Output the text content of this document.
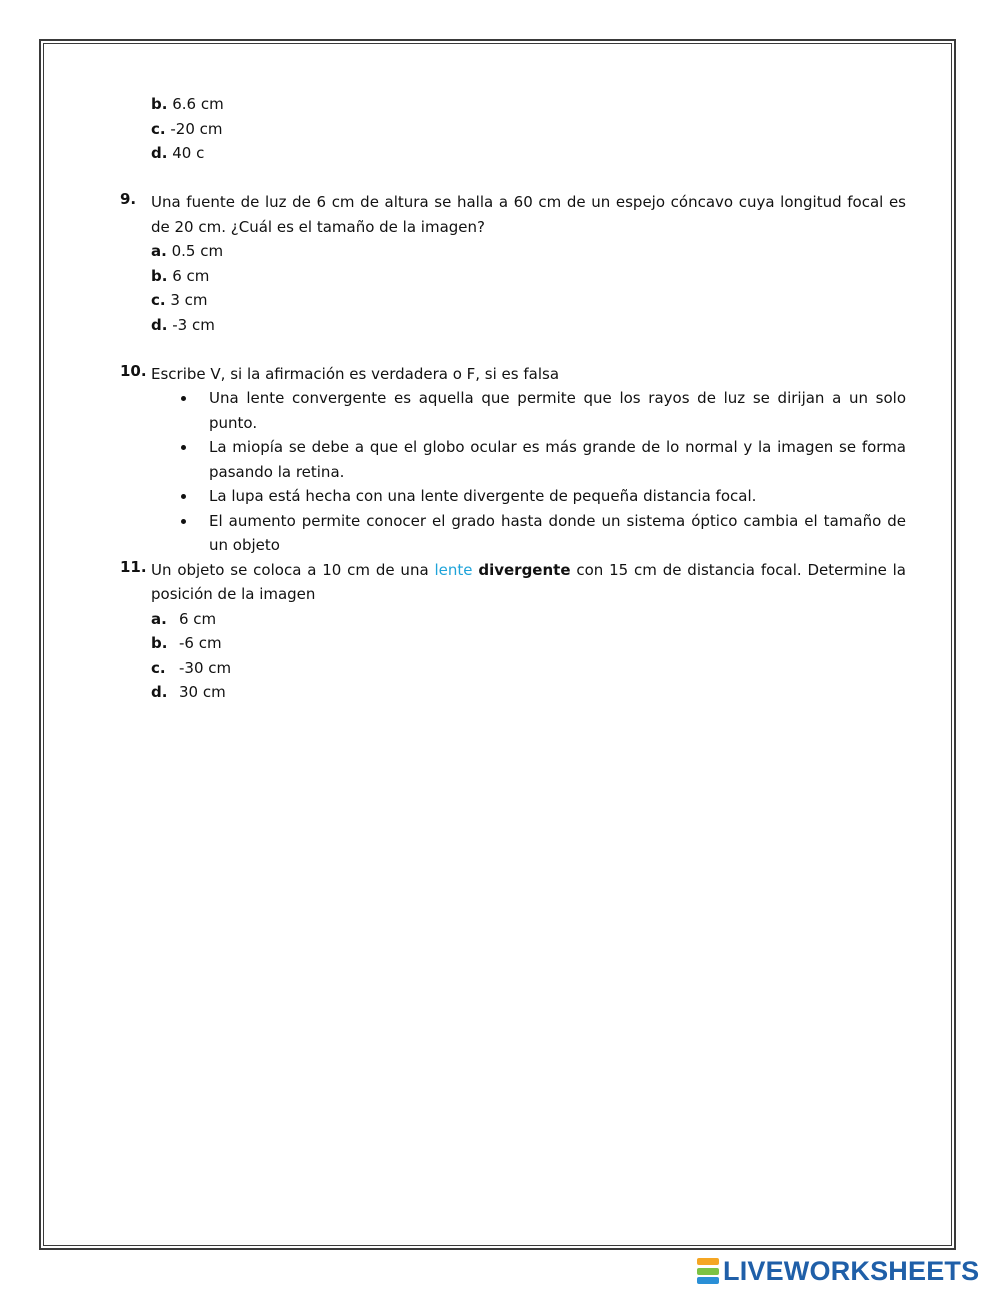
b. 6.6 cm
c. -20 cm
d. 40 c
9. Una fuente de luz de 6 cm de altura se halla a 60 cm de un espejo cóncavo cuya longitud focal es de 20 cm. ¿Cuál es el tamaño de la imagen?
a. 0.5 cm
b. 6 cm
c. 3 cm
d. -3 cm
10. Escribe V, si la afirmación es verdadera o F, si es falsa
Una lente convergente es aquella que permite que los rayos de luz se dirijan a un solo punto.
La miopía se debe a que el globo ocular es más grande de lo normal y la imagen se forma pasando la retina.
La lupa está hecha con una lente divergente de pequeña distancia focal.
El aumento permite conocer el grado hasta donde un sistema óptico cambia el tamaño de un objeto
11. Un objeto se coloca a 10 cm de una lente divergente con 15 cm de distancia focal. Determine la posición de la imagen
a. 6 cm
b. -6 cm
c. -30 cm
d. 30 cm
LIVEWORKSHEETS
